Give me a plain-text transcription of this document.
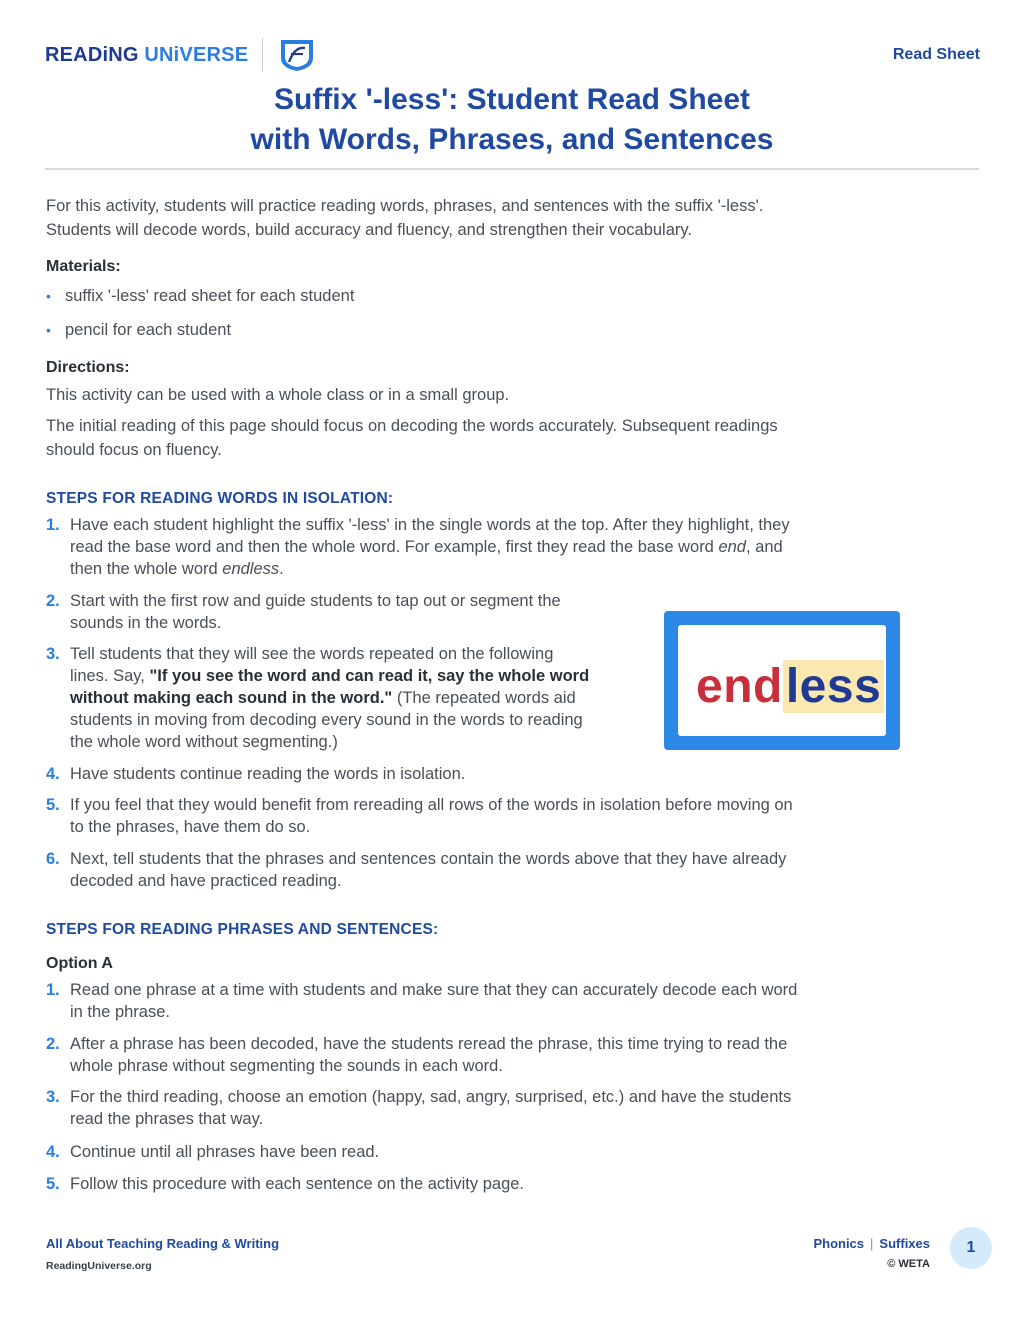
READiNG UNiVERSE	Read Sheet
Suffix '-less': Student Read Sheet
with Words, Phrases, and Sentences

For this activity, students will practice reading words, phrases, and sentences with the suffix '-less'.
Students will decode words, build accuracy and fluency, and strengthen their vocabulary.

Materials:

• suffix '-less' read sheet for each student
• pencil for each student

Directions:

This activity can be used with a whole class or in a small group.

The initial reading of this page should focus on decoding the words accurately. Subsequent readings
should focus on fluency.

STEPS FOR READING WORDS IN ISOLATION:

1. Have each student highlight the suffix '-less' in the single words at the top. After they highlight, they
read the base word and then the whole word. For example, first they read the base word end, and
then the whole word endless.
2. Start with the first row and guide students to tap out or segment the
sounds in the words.
3. Tell students that they will see the words repeated on the following
lines. Say, "If you see the word and can read it, say the whole word
without making each sound in the word." (The repeated words aid
students in moving from decoding every sound in the words to reading
the whole word without segmenting.)
4. Have students continue reading the words in isolation.
5. If you feel that they would benefit from rereading all rows of the words in isolation before moving on
to the phrases, have them do so.
6. Next, tell students that the phrases and sentences contain the words above that they have already
decoded and have practiced reading.
endless

STEPS FOR READING PHRASES AND SENTENCES:

Option A

1. Read one phrase at a time with students and make sure that they can accurately decode each word
in the phrase.
2. After a phrase has been decoded, have the students reread the phrase, this time trying to read the
whole phrase without segmenting the sounds in each word.
3. For the third reading, choose an emotion (happy, sad, angry, surprised, etc.) and have the students
read the phrases that way.
4. Continue until all phrases have been read.
5. Follow this procedure with each sentence on the activity page.
All About Teaching Reading & Writing
ReadingUniverse.org
Phonics | Suffixes
© WETA
1
